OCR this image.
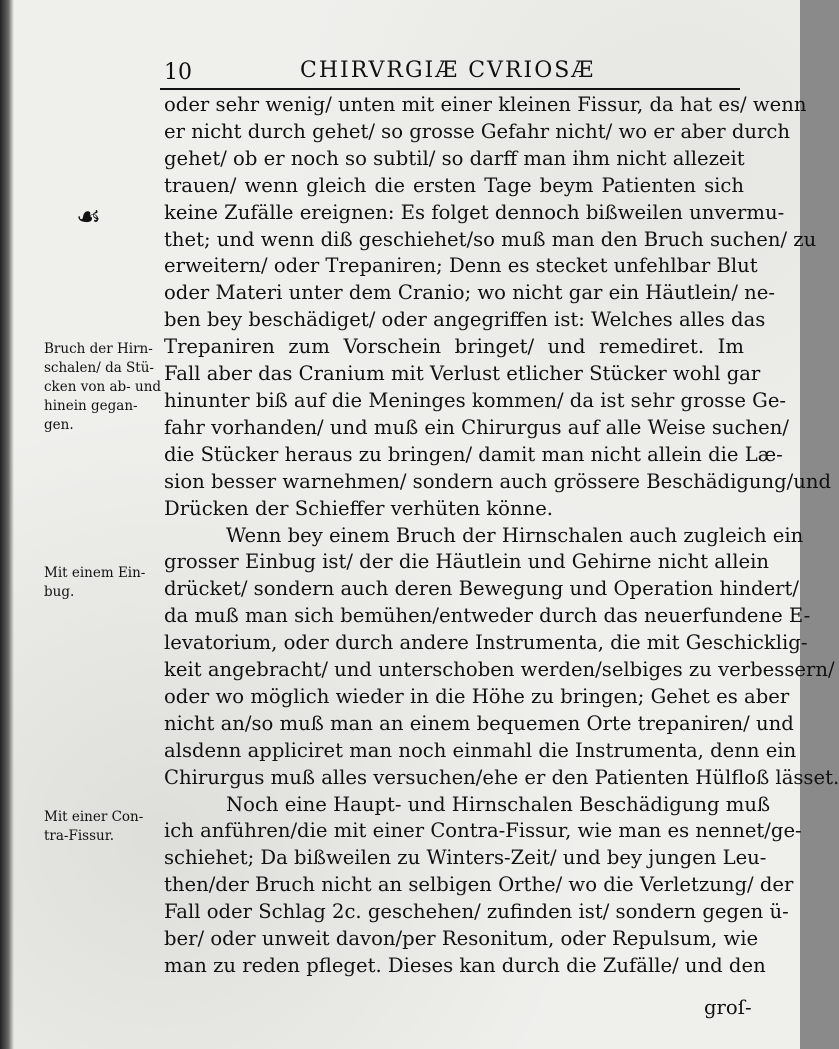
10	CHIRVRGIÆ CVRIOSÆ
☙
Bruch der Hirn-
schalen/ da Stü-
cken von ab- und
hinein gegan-
gen.
Mit einem Ein-
bug.
Mit einer Con-
tra-Fissur.
oder sehr wenig/ unten mit einer kleinen Fissur, da hat es/ wenn
er nicht durch gehet/ so grosse Gefahr nicht/ wo er aber durch
gehet/ ob er noch so subtil/ so darff man ihm nicht allezeit
trauen/ wenn gleich die ersten Tage beym Patienten sich
keine Zufälle ereignen: Es folget dennoch bißweilen unvermu-
thet; und wenn diß geschiehet/so muß man den Bruch suchen/ zu
erweitern/ oder Trepaniren; Denn es stecket unfehlbar Blut
oder Materi unter dem Cranio; wo nicht gar ein Häutlein/ ne-
ben bey beschädiget/ oder angegriffen ist: Welches alles das
Trepaniren zum Vorschein bringet/ und remediret. Im
Fall aber das Cranium mit Verlust etlicher Stücker wohl gar
hinunter biß auf die Meninges kommen/ da ist sehr grosse Ge-
fahr vorhanden/ und muß ein Chirurgus auf alle Weise suchen/
die Stücker heraus zu bringen/ damit man nicht allein die Læ-
sion besser warnehmen/ sondern auch grössere Beschädigung/und
Drücken der Schieffer verhüten könne.
Wenn bey einem Bruch der Hirnschalen auch zugleich ein
grosser Einbug ist/ der die Häutlein und Gehirne nicht allein
drücket/ sondern auch deren Bewegung und Operation hindert/
da muß man sich bemühen/entweder durch das neuerfundene E-
levatorium, oder durch andere Instrumenta, die mit Geschicklig-
keit angebracht/ und unterschoben werden/selbiges zu verbessern/
oder wo möglich wieder in die Höhe zu bringen; Gehet es aber
nicht an/so muß man an einem bequemen Orte trepaniren/ und
alsdenn appliciret man noch einmahl die Instrumenta, denn ein
Chirurgus muß alles versuchen/ehe er den Patienten Hülfloß lässet.
Noch eine Haupt- und Hirnschalen Beschädigung muß
ich anführen/die mit einer Contra-Fissur, wie man es nennet/ge-
schiehet; Da bißweilen zu Winters-Zeit/ und bey jungen Leu-
then/der Bruch nicht an selbigen Orthe/ wo die Verletzung/ der
Fall oder Schlag 2c. geschehen/ zufinden ist/ sondern gegen ü-
ber/ oder unweit davon/per Resonitum, oder Repulsum, wie
man zu reden pfleget. Dieses kan durch die Zufälle/ und den
groſ-
